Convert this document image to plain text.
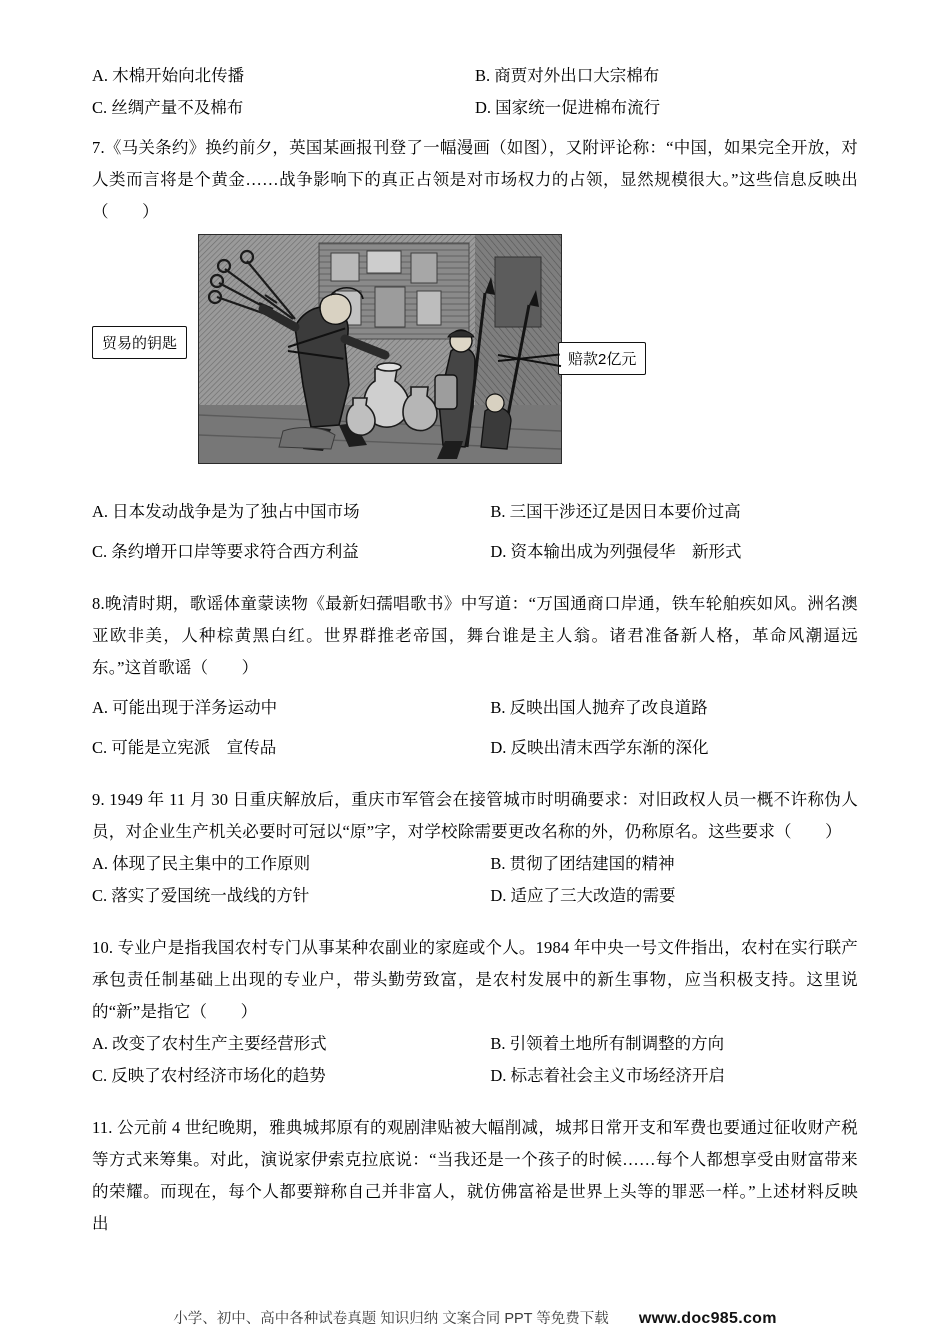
A. 木棉开始向北传播	B. 商贾对外出口大宗棉布
C. 丝绸产量不及棉布	D. 国家统一促进棉布流行
7.《马关条约》换约前夕，英国某画报刊登了一幅漫画（如图），又附评论称：“中国，如果完全开放，对人类而言将是个黄金……战争影响下的真正占领是对市场权力的占领，显然规模很大。”这些信息反映出（　　）
贸易的钥匙
赔款2亿元
A. 日本发动战争是为了独占中国市场	B. 三国干涉还辽是因日本要价过高
C. 条约增开口岸等要求符合西方利益	D. 资本输出成为列强侵华　新形式
8.晚清时期，歌谣体童蒙读物《最新妇孺唱歌书》中写道：“万国通商口岸通，铁车轮舶疾如风。洲名澳亚欧非美，人种棕黄黑白红。世界群推老帝国，舞台谁是主人翁。诸君准备新人格，革命风潮逼远东。”这首歌谣（　　）
A. 可能出现于洋务运动中	B. 反映出国人抛弃了改良道路
C. 可能是立宪派　宣传品	D. 反映出清末西学东渐的深化
9. 1949 年 11 月 30 日重庆解放后，重庆市军管会在接管城市时明确要求：对旧政权人员一概不许称伪人员，对企业生产机关必要时可冠以“原”字，对学校除需要更改名称的外，仍称原名。这些要求（　　）
A. 体现了民主集中的工作原则	B. 贯彻了团结建国的精神
C. 落实了爱国统一战线的方针	D. 适应了三大改造的需要
10. 专业户是指我国农村专门从事某种农副业的家庭或个人。1984 年中央一号文件指出，农村在实行联产承包责任制基础上出现的专业户，带头勤劳致富，是农村发展中的新生事物，应当积极支持。这里说的“新”是指它（　　）
A. 改变了农村生产主要经营形式	B. 引领着土地所有制调整的方向
C. 反映了农村经济市场化的趋势	D. 标志着社会主义市场经济开启
11. 公元前 4 世纪晚期，雅典城邦原有的观剧津贴被大幅削减，城邦日常开支和军费也要通过征收财产税等方式来筹集。对此，演说家伊索克拉底说：“当我还是一个孩子的时候……每个人都想享受由财富带来的荣耀。而现在，每个人都要辩称自己并非富人，就仿佛富裕是世界上头等的罪恶一样。”上述材料反映出
小学、初中、高中各种试卷真题 知识归纳 文案合同 PPT 等免费下载 www.doc985.com
